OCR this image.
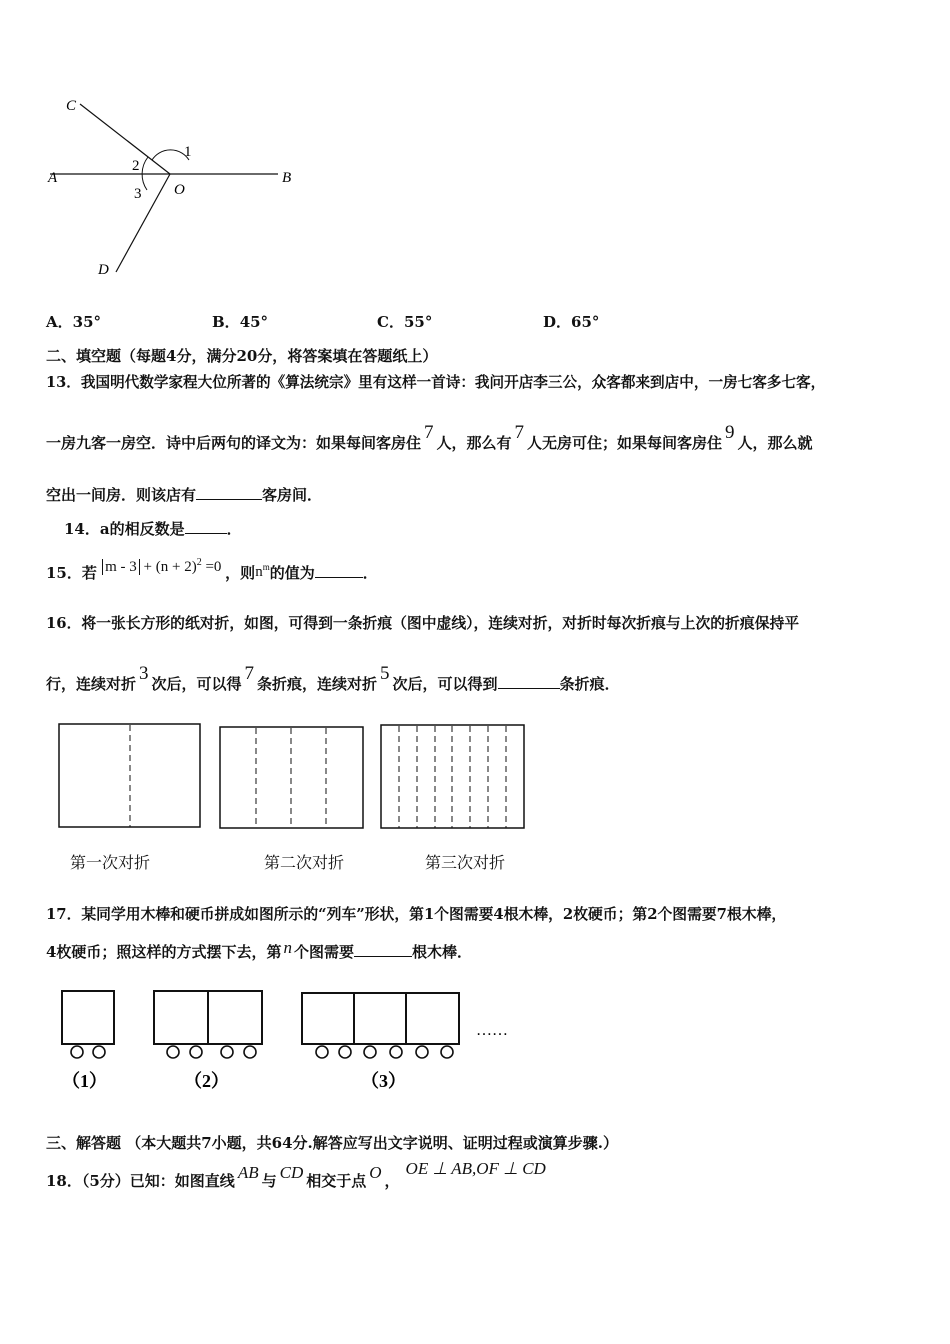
C
A	B
D
O
1
2
3
A．35°	B．45°	C．55°	D．65°
二、填空题（每题4分，满分20分，将答案填在答题纸上）
13．我国明代数学家程大位所著的《算法统宗》里有这样一首诗：我问开店李三公，众客都来到店中，一房七客多七客，
一房九客一房空．诗中后两句的译文为：如果每间客房住 7 人，那么有 7 人无房可住；如果每间客房住 9 人，那么就
空出一间房．则该店有	客房间．
14．a的相反数是	．
15．若 $m - 3 + (n + 2)^2 =0$ ，则$n^m$的值为	．
16．将一张长方形的纸对折，如图，可得到一条折痕（图中虚线），连续对折，对折时每次折痕与上次的折痕保持平
行，连续对折 3 次后，可以得 7 条折痕，连续对折 5 次后，可以得到	条折痕．
第一次对折	第二次对折	第三次对折
17．某同学用木棒和硬币拼成如图所示的“列车”形状，第1个图需要4根木棒，2枚硬币；第2个图需要7根木棒，
4枚硬币；照这样的方式摆下去，第 n 个图需要	根木棒．
……
（1）	（2）	（3）
三、解答题 （本大题共7小题，共64分.解答应写出文字说明、证明过程或演算步骤.）
18．（5分）已知：如图直线 AB 与 CD 相交于点 O ，OE ⊥ AB,OF ⊥ CD
